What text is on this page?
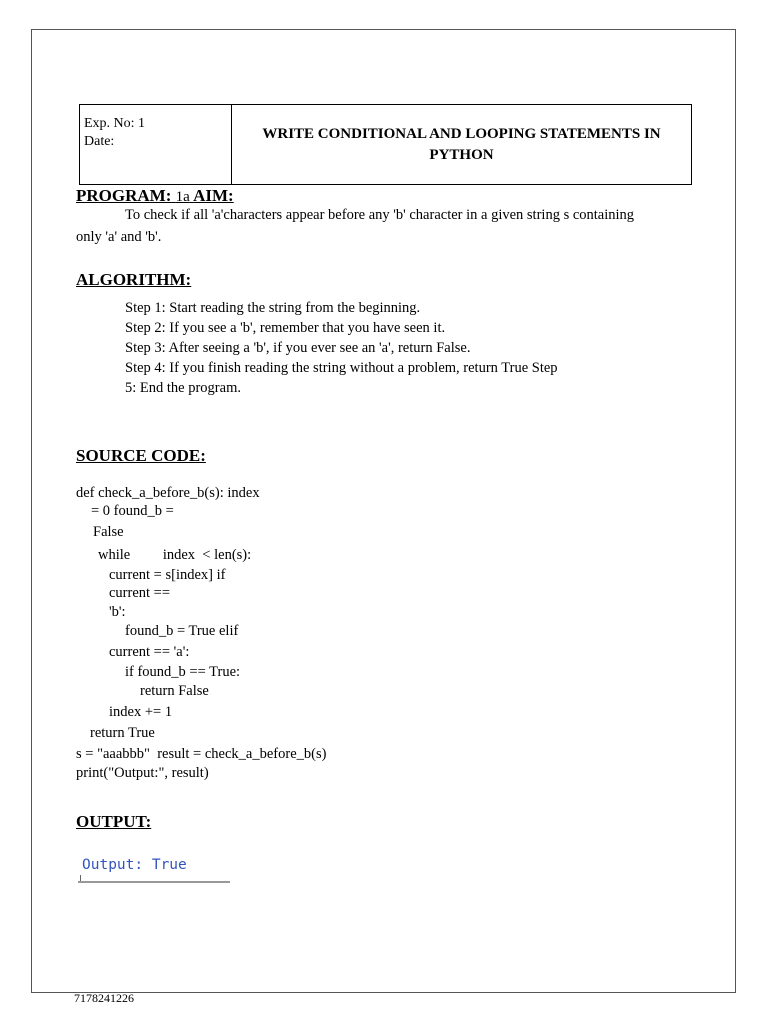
Exp. No: 1
Date:	WRITE CONDITIONAL AND LOOPING STATEMENTS IN
PYTHON
PROGRAM: 1a AIM:
To check if all 'a'characters appear before any 'b' character in a given string s containing
only 'a' and 'b'.
ALGORITHM:
Step 1: Start reading the string from the beginning.
Step 2: If you see a 'b', remember that you have seen it.
Step 3: After seeing a 'b', if you ever see an 'a', return False.
Step 4: If you finish reading the string without a problem, return True Step
5: End the program.
SOURCE CODE:
def check_a_before_b(s): index
= 0 found_b =
False
while         index  < len(s):
current = s[index] if
current ==
'b':
found_b = True elif
current == 'a':
if found_b == True:
return False
index += 1
return True
s = "aaabbb"  result = check_a_before_b(s)
print("Output:", result)
OUTPUT:
Output: True
7178241226
